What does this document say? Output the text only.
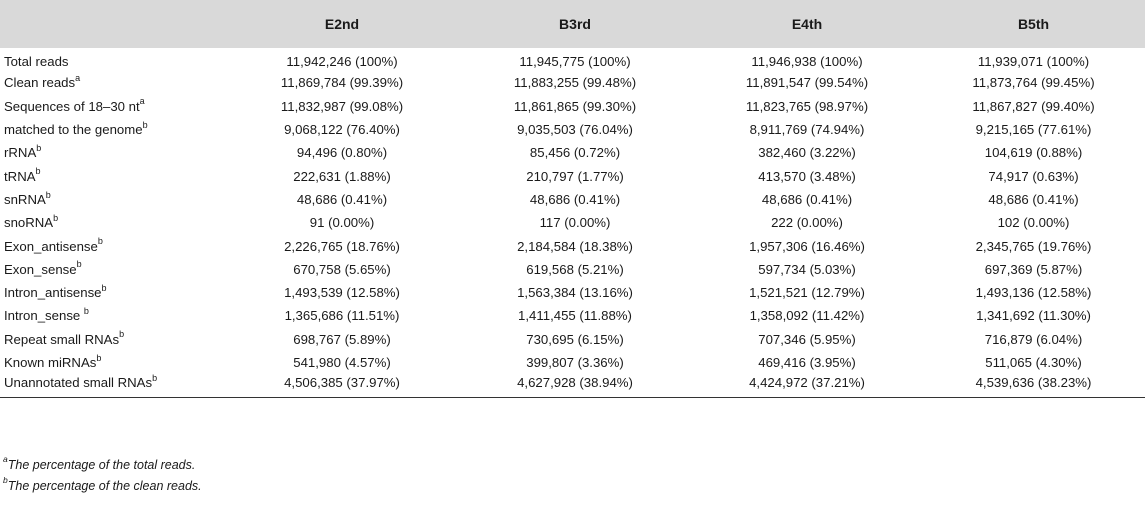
	E2nd	B3rd	E4th	B5th
Total reads	11,942,246 (100%)	11,945,775 (100%)	11,946,938 (100%)	11,939,071 (100%)
Clean reads$^a$	11,869,784 (99.39%)	11,883,255 (99.48%)	11,891,547 (99.54%)	11,873,764 (99.45%)
Sequences of 18–30 $nt^a$	11,832,987 (99.08%)	11,861,865 (99.30%)	11,823,765 (98.97%)	11,867,827 (99.40%)
matched to the genome$^b$	9,068,122 (76.40%)	9,035,503 (76.04%)	8,911,769 (74.94%)	9,215,165 (77.61%)
rRNA$^b$	94,496 (0.80%)	85,456 (0.72%)	382,460 (3.22%)	104,619 (0.88%)
tRNA$^b$	222,631 (1.88%)	210,797 (1.77%)	413,570 (3.48%)	74,917 (0.63%)
snRNA$^b$	48,686 (0.41%)	48,686 (0.41%)	48,686 (0.41%)	48,686 (0.41%)
snoRNA$^b$	91 (0.00%)	117 (0.00%)	222 (0.00%)	102 (0.00%)
Exon_antisense$^b$	2,226,765 (18.76%)	2,184,584 (18.38%)	1,957,306 (16.46%)	2,345,765 (19.76%)
Exon_sense$^b$	670,758 (5.65%)	619,568 (5.21%)	597,734 (5.03%)	697,369 (5.87%)
Intron_antisense$^b$	1,493,539 (12.58%)	1,563,384 (13.16%)	1,521,521 (12.79%)	1,493,136 (12.58%)
Intron_sense $^b$	1,365,686 (11.51%)	1,411,455 (11.88%)	1,358,092 (11.42%)	1,341,692 (11.30%)
Repeat small RNAs$^b$	698,767 (5.89%)	730,695 (6.15%)	707,346 (5.95%)	716,879 (6.04%)
Known miRNAs$^b$	541,980 (4.57%)	399,807 (3.36%)	469,416 (3.95%)	511,065 (4.30%)
Unannotated small RNAs$^b$	4,506,385 (37.97%)	4,627,928 (38.94%)	4,424,972 (37.21%)	4,539,636 (38.23%)
$^a$The percentage of the total reads.
$^b$The percentage of the clean reads.
